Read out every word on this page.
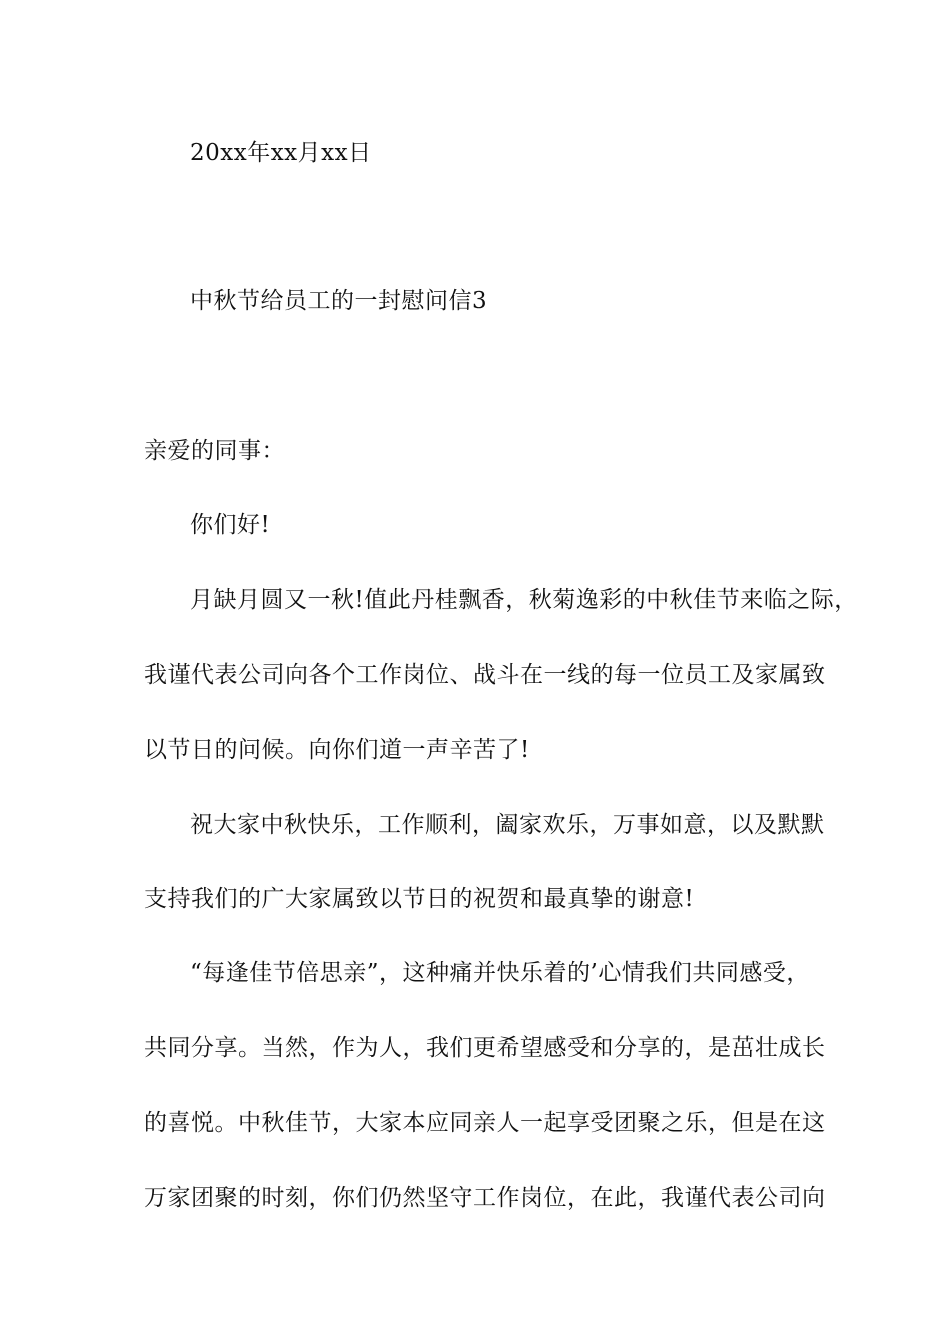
20xx年xx月xx日
中秋节给员工的一封慰问信3
亲爱的同事：
你们好!
月缺月圆又一秋!值此丹桂飘香，秋菊逸彩的中秋佳节来临之际，
我谨代表公司向各个工作岗位、战斗在一线的每一位员工及家属致
以节日的问候。向你们道一声辛苦了!
祝大家中秋快乐，工作顺利，阖家欢乐，万事如意，以及默默
支持我们的广大家属致以节日的祝贺和最真挚的谢意!
“每逢佳节倍思亲”，这种痛并快乐着的’心情我们共同感受，
共同分享。当然，作为人，我们更希望感受和分享的，是茁壮成长
的喜悦。中秋佳节，大家本应同亲人一起享受团聚之乐，但是在这
万家团聚的时刻，你们仍然坚守工作岗位，在此，我谨代表公司向
